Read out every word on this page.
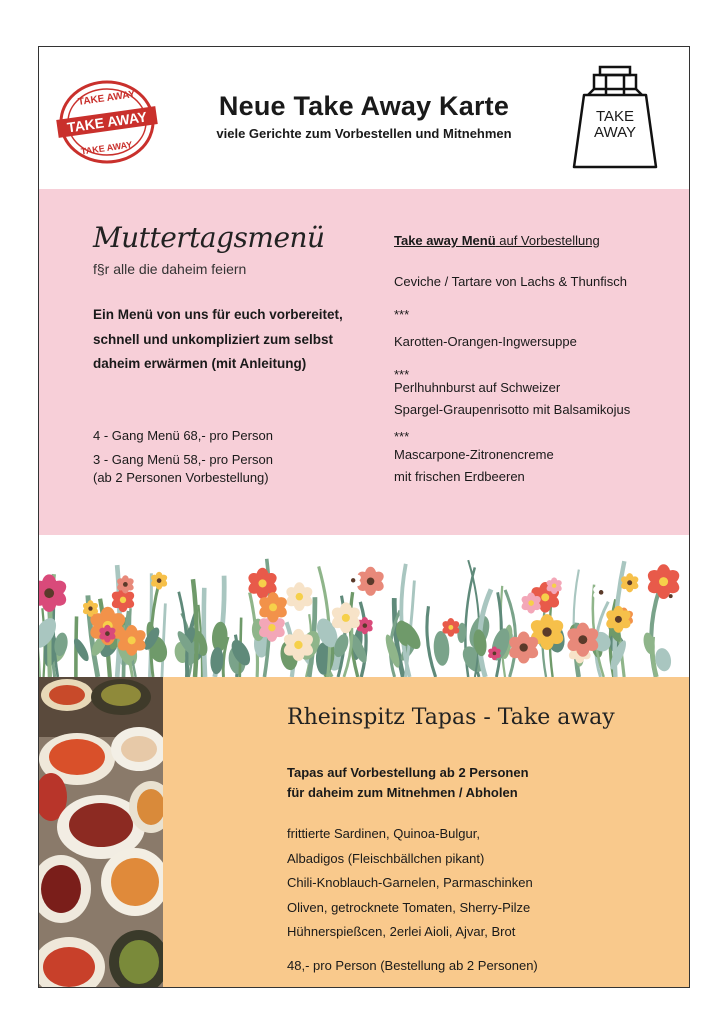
TAKE AWAY
TAKE AWAY
TAKE AWAY
Neue Take Away Karte
viele Gerichte zum Vorbestellen und Mitnehmen
TAKE
AWAY
Muttertagsmenü
f§r alle die daheim feiern
Ein Menü von uns für euch vorbereitet, schnell und unkompliziert zum selbst daheim erwärmen (mit Anleitung)

4 - Gang Menü 68,- pro Person

3 - Gang Menü 58,- pro Person
(ab 2 Personen Vorbestellung)
Take away Menü auf Vorbestellung
Ceviche / Tartare von Lachs & Thunfisch
***
Karotten-Orangen-Ingwersuppe
***
Perlhuhnburst auf Schweizer
Spargel-Graupenrisotto mit Balsamikojus
***
Mascarpone-Zitronencreme
mit frischen Erdbeeren
Rheinspitz Tapas - Take away
Tapas auf Vorbestellung ab 2 Personen
für daheim zum Mitnehmen / Abholen

frittierte Sardinen, Quinoa-Bulgur,

Albadigos (Fleischbällchen pikant)

Chili-Knoblauch-Garnelen, Parmaschinken

Oliven, getrocknete Tomaten, Sherry-Pilze

Hühnerspießcen, 2erlei Aioli, Ajvar, Brot

48,- pro Person (Bestellung ab 2 Personen)
